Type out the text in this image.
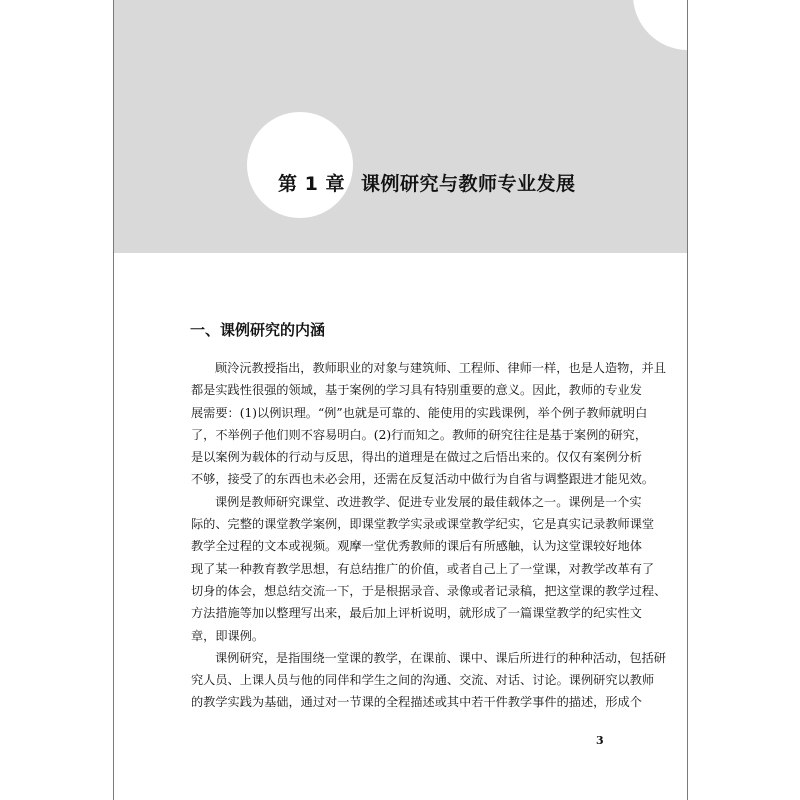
第 1 章 课例研究与教师专业发展
一、课例研究的内涵
顾泠沅教授指出，教师职业的对象与建筑师、工程师、律师一样，也是人造物，并且
都是实践性很强的领域，基于案例的学习具有特别重要的意义。因此，教师的专业发
展需要：(1)以例识理。“例”也就是可靠的、能使用的实践课例，举个例子教师就明白
了，不举例子他们则不容易明白。(2)行而知之。教师的研究往往是基于案例的研究，
是以案例为载体的行动与反思，得出的道理是在做过之后悟出来的。仅仅有案例分析
不够，接受了的东西也未必会用，还需在反复活动中做行为自省与调整跟进才能见效。
课例是教师研究课堂、改进教学、促进专业发展的最佳载体之一。课例是一个实
际的、完整的课堂教学案例，即课堂教学实录或课堂教学纪实，它是真实记录教师课堂
教学全过程的文本或视频。观摩一堂优秀教师的课后有所感触，认为这堂课较好地体
现了某一种教育教学思想，有总结推广的价值，或者自己上了一堂课，对教学改革有了
切身的体会，想总结交流一下，于是根据录音、录像或者记录稿，把这堂课的教学过程、
方法措施等加以整理写出来，最后加上评析说明，就形成了一篇课堂教学的纪实性文
章，即课例。
课例研究，是指围绕一堂课的教学，在课前、课中、课后所进行的种种活动，包括研
究人员、上课人员与他的同伴和学生之间的沟通、交流、对话、讨论。课例研究以教师
的教学实践为基础，通过对一节课的全程描述或其中若干件教学事件的描述，形成个
3
